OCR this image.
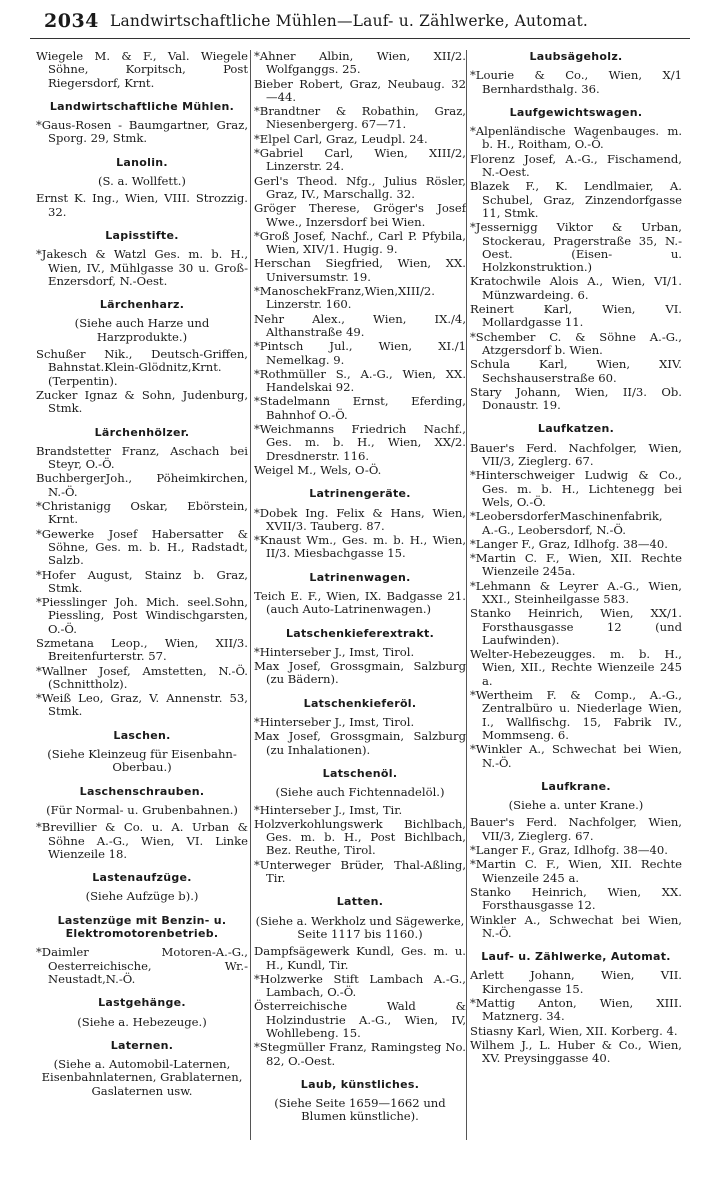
2034 Landwirtschaftliche Mühlen—Lauf- u. Zählwerke, Automat.
Wiegele M. & F., Val. Wiegele Söhne, Korpitsch, Post Riegersdorf, Krnt.
Landwirtschaftliche Mühlen.
*Gaus-Rosen - Baumgartner, Graz, Sporg. 29, Stmk.
Lanolin.
(S. a. Wollfett.)
Ernst K. Ing., Wien, VIII. Strozzig. 32.
Lapisstifte.
*Jakesch & Watzl Ges. m. b. H., Wien, IV., Mühlgasse 30 u. Groß-Enzersdorf, N.-Oest.
Lärchenharz.
(Siehe auch Harze und Harzprodukte.)
Schußer Nik., Deutsch-Griffen, Bahnstat.Klein-Glödnitz,Krnt. (Terpentin).
Zucker Ignaz & Sohn, Judenburg, Stmk.
Lärchenhölzer.
Brandstetter Franz, Aschach bei Steyr, O.-Ö.
BuchbergerJoh., Pöheimkirchen, N.-Ö.
*Christanigg Oskar, Ebörstein, Krnt.
*Gewerke Josef Habersatter & Söhne, Ges. m. b. H., Radstadt, Salzb.
*Hofer August, Stainz b. Graz, Stmk.
*Piesslinger Joh. Mich. seel.Sohn, Piessling, Post Windischgarsten, O.-Ö.
Szmetana Leop., Wien, XII/3. Breitenfurterstr. 57.
*Wallner Josef, Amstetten, N.-Ö. (Schnittholz).
*Weiß Leo, Graz, V. Annenstr. 53, Stmk.
Laschen.
(Siehe Kleinzeug für Eisenbahn-Oberbau.)
Laschenschrauben.
(Für Normal- u. Grubenbahnen.)
*Brevillier & Co. u. A. Urban & Söhne A.-G., Wien, VI. Linke Wienzeile 18.
Lastenaufzüge.
(Siehe Aufzüge b).)
Lastenzüge mit Benzin- u. Elektromotorenbetrieb.
*Daimler Motoren-A.-G., Oesterreichische, Wr.-Neustadt,N.-Ö.
Lastgehänge.
(Siehe a. Hebezeuge.)
Laternen.
(Siehe a. Automobil-Laternen, Eisenbahnlaternen, Grablaternen, Gaslaternen usw.
*Ahner Albin, Wien, XII/2. Wolfganggs. 25.
Bieber Robert, Graz, Neubaug. 32—44.
*Brandtner & Robathin, Graz, Niesenbergerg. 67—71.
*Elpel Carl, Graz, Leudpl. 24.
*Gabriel Carl, Wien, XIII/2, Linzerstr. 24.
Gerl's Theod. Nfg., Julius Rösler, Graz, IV., Marschallg. 32.
Gröger Therese, Gröger's Josef Wwe., Inzersdorf bei Wien.
*Groß Josef, Nachf., Carl P. Pfybila, Wien, XIV/1. Hugig. 9.
Herschan Siegfried, Wien, XX. Universumstr. 19.
*ManoschekFranz,Wien,XIII/2. Linzerstr. 160.
Nehr Alex., Wien, IX./4, Althanstraße 49.
*Pintsch Jul., Wien, XI./1 Nemelkag. 9.
*Rothmüller S., A.-G., Wien, XX. Handelskai 92.
*Stadelmann Ernst, Eferding, Bahnhof O.-Ö.
*Weichmanns Friedrich Nachf., Ges. m. b. H., Wien, XX/2. Dresdnerstr. 116.
Weigel M., Wels, O-Ö.
Latrinengeräte.
*Dobek Ing. Felix & Hans, Wien, XVII/3. Tauberg. 87.
*Knaust Wm., Ges. m. b. H., Wien, II/3. Miesbachgasse 15.
Latrinenwagen.
Teich E. F., Wien, IX. Badgasse 21. (auch Auto-Latrinenwagen.)
Latschenkieferextrakt.
*Hinterseber J., Imst, Tirol.
Max Josef, Grossgmain, Salzburg (zu Bädern).
Latschenkieferöl.
*Hinterseber J., Imst, Tirol.
Max Josef, Grossgmain, Salzburg (zu Inhalationen).
Latschenöl.
(Siehe auch Fichtennadelöl.)
*Hinterseber J., Imst, Tir.
Holzverkohlungswerk Bichlbach, Ges. m. b. H., Post Bichlbach, Bez. Reuthe, Tirol.
*Unterweger Brüder, Thal-Aßling, Tir.
Latten.
(Siehe a. Werkholz und Sägewerke, Seite 1117 bis 1160.)
Dampfsägewerk Kundl, Ges. m. u. H., Kundl, Tir.
*Holzwerke Stift Lambach A.-G., Lambach, O.-Ö.
Österreichische Wald & Holzindustrie A.-G., Wien, IV, Wohllebeng. 15.
*Stegmüller Franz, Ramingsteg No. 82, O.-Oest.
Laub, künstliches.
(Siehe Seite 1659—1662 und Blumen künstliche).
Laubsägeholz.
*Lourie & Co., Wien, X/1 Bernhardsthalg. 36.
Laufgewichtswagen.
*Alpenländische Wagenbauges. m. b. H., Roitham, O.-Ö.
Florenz Josef, A.-G., Fischamend, N.-Oest.
Blazek F., K. Lendlmaier, A. Schubel, Graz, Zinzendorfgasse 11, Stmk.
*Jessernigg Viktor & Urban, Stockerau, Pragerstraße 35, N.-Oest. (Eisen- u. Holzkonstruktion.)
Kratochwile Alois A., Wien, VI/1. Münzwardeing. 6.
Reinert Karl, Wien, VI. Mollardgasse 11.
*Schember C. & Söhne A.-G., Atzgersdorf b. Wien.
Schula Karl, Wien, XIV. Sechshauserstraße 60.
Stary Johann, Wien, II/3. Ob. Donaustr. 19.
Laufkatzen.
Bauer's Ferd. Nachfolger, Wien, VII/3, Zieglerg. 67.
*Hinterschweiger Ludwig & Co., Ges. m. b. H., Lichtenegg bei Wels, O.-Ö.
*LeobersdorferMaschinenfabrik, A.-G., Leobersdorf, N.-Ö.
*Langer F., Graz, Idlhofg. 38—40.
*Martin C. F., Wien, XII. Rechte Wienzeile 245a.
*Lehmann & Leyrer A.-G., Wien, XXI., Steinheilgasse 583.
Stanko Heinrich, Wien, XX/1. Forsthausgasse 12 (und Laufwinden).
Welter-Hebezeugges. m. b. H., Wien, XII., Rechte Wienzeile 245 a.
*Wertheim F. & Comp., A.-G., Zentralbüro u. Niederlage Wien, I., Wallfischg. 15, Fabrik IV., Mommseng. 6.
*Winkler A., Schwechat bei Wien, N.-Ö.
Laufkrane.
(Siehe a. unter Krane.)
Bauer's Ferd. Nachfolger, Wien, VII/3, Zieglerg. 67.
*Langer F., Graz, Idlhofg. 38—40.
*Martin C. F., Wien, XII. Rechte Wienzeile 245 a.
Stanko Heinrich, Wien, XX. Forsthausgasse 12.
Winkler A., Schwechat bei Wien, N.-Ö.
Lauf- u. Zählwerke, Automat.
Arlett Johann, Wien, VII. Kirchengasse 15.
*Mattig Anton, Wien, XIII. Matznerg. 34.
Stiasny Karl, Wien, XII. Korberg. 4.
Wilhem J., L. Huber & Co., Wien, XV. Preysinggasse 40.
